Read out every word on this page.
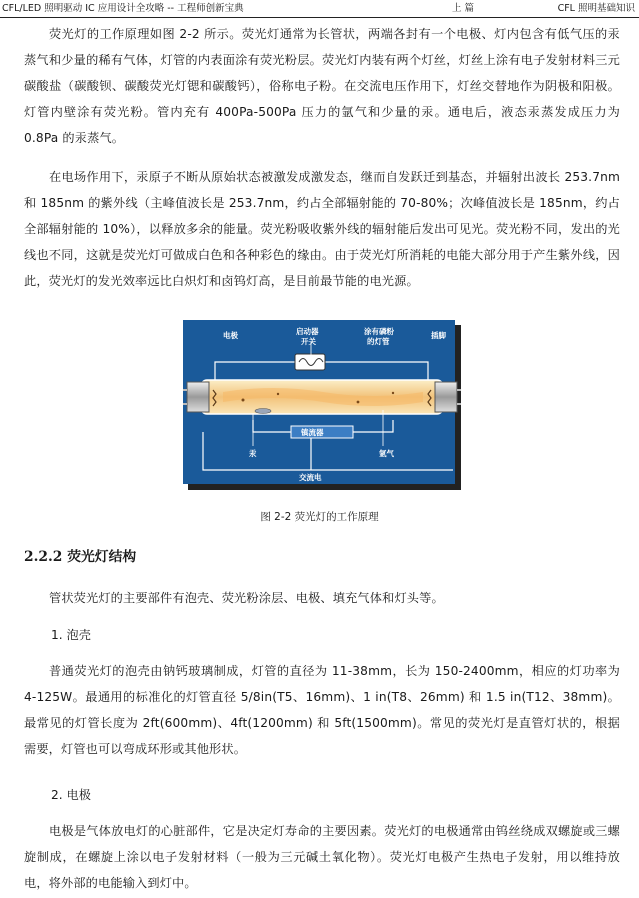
CFL/LED 照明驱动 IC 应用设计全攻略 -- 工程师创新宝典	上 篇	CFL 照明基础知识

荧光灯的工作原理如图 2-2 所示。荧光灯通常为长管状，两端各封有一个电极、灯内包含有低气压的汞蒸气和少量的稀有气体，灯管的内表面涂有荧光粉层。荧光灯内装有两个灯丝，灯丝上涂有电子发射材料三元碳酸盐（碳酸钡、碳酸荧光灯锶和碳酸钙），俗称电子粉。在交流电压作用下，灯丝交替地作为阴极和阳极。灯管内壁涂有荧光粉。管内充有 400Pa-500Pa 压力的氩气和少量的汞。通电后，液态汞蒸发成压力为 0.8Pa 的汞蒸气。

在电场作用下，汞原子不断从原始状态被激发成激发态，继而自发跃迁到基态，并辐射出波长 253.7nm 和 185nm 的紫外线（主峰值波长是 253.7nm，约占全部辐射能的 70-80%；次峰值波长是 185nm，约占全部辐射能的 10%），以释放多余的能量。荧光粉吸收紫外线的辐射能后发出可见光。荧光粉不同，发出的光线也不同，这就是荧光灯可做成白色和各种彩色的缘由。由于荧光灯所消耗的电能大部分用于产生紫外线，因此，荧光灯的发光效率远比白炽灯和卤钨灯高，是目前最节能的电光源。

电极	启动器
开关
涂有磷粉
的灯管
插脚
镇流器
汞	氩气
交流电
图 2-2 荧光灯的工作原理
2.2.2 荧光灯结构

管状荧光灯的主要部件有泡壳、荧光粉涂层、电极、填充气体和灯头等。

1. 泡壳

普通荧光灯的泡壳由钠钙玻璃制成，灯管的直径为 11-38mm，长为 150-2400mm，相应的灯功率为 4-125W。最通用的标准化的灯管直径 5/8in(T5、16mm)、1 in(T8、26mm) 和 1.5 in(T12、38mm)。最常见的灯管长度为 2ft(600mm)、4ft(1200mm) 和 5ft(1500mm)。常见的荧光灯是直管灯状的，根据需要，灯管也可以弯成环形或其他形状。

2. 电极

电极是气体放电灯的心脏部件，它是决定灯寿命的主要因素。荧光灯的电极通常由钨丝绕成双螺旋或三螺旋制成，在螺旋上涂以电子发射材料（一般为三元碱土氧化物）。荧光灯电极产生热电子发射，用以维持放电，将外部的电能输入到灯中。
